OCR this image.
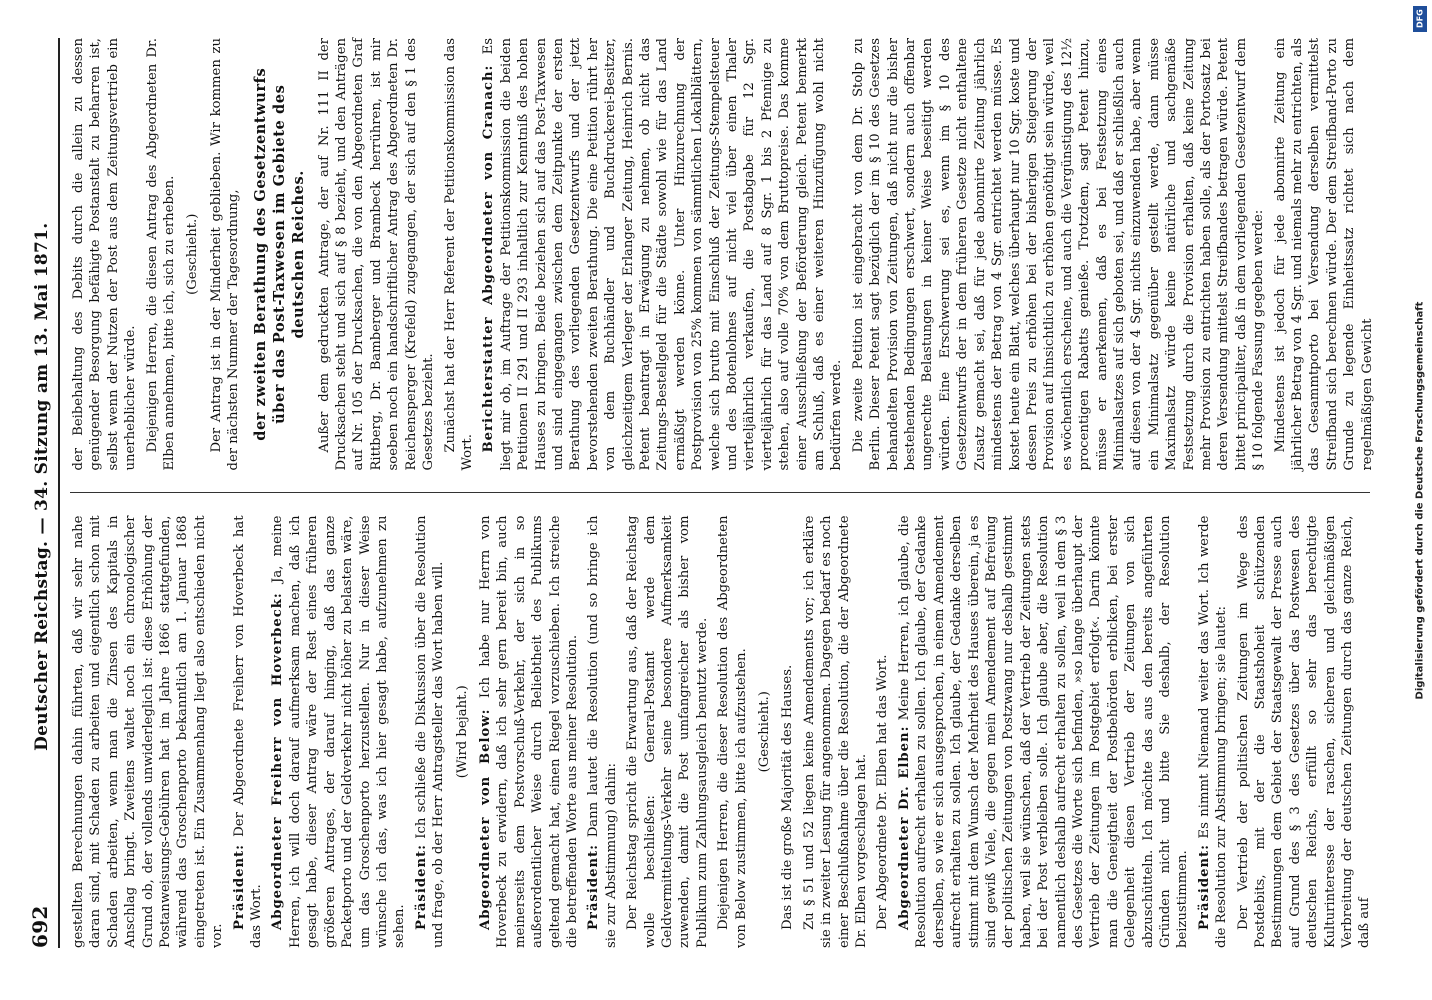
692
Deutscher Reichstag. — 34. Sitzung am 13. Mai 1871. gestellten Berechnungen dahin führten, daß wir sehr nahe daran sind, mit Schaden zu arbeiten und eigentlich schon mit Schaden arbeiten, wenn man die Zinsen des Kapitals in Anschlag bringt. Zweitens waltet noch ein chronologischer Grund ob, der vollends unwiderleglich ist: diese Erhöhung der Postanweisungs-Gebühren hat im Jahre 1866 stattgefunden, während das Groschenporto bekanntlich am 1. Januar 1868 eingetreten ist. Ein Zusammenhang liegt also entschieden nicht vor.

Präsident: Der Abgeordnete Freiherr von Hoverbeck hat das Wort. Abgeordneter Freiherr von Hoverbeck: Ja, meine Herren, ich will doch darauf aufmerksam machen, daß ich gesagt habe, dieser Antrag wäre der Rest eines früheren größeren Antrages, der darauf hinging, daß das ganze Packetporto und der Geldverkehr nicht höher zu belasten wäre, um das Groschenporto herzustellen. Nur in dieser Weise wünsche ich das, was ich hier gesagt habe, aufzunehmen zu sehen. Präsident: Ich schließe die Diskussion über die Resolution und frage, ob der Herr Antragsteller das Wort haben will. (Wird bejaht.) Abgeordneter von Below: Ich habe nur Herrn von Hoverbeck zu erwidern, daß ich sehr gern bereit bin, auch meinerseits dem Postvorschuß-Verkehr, der sich in so außerordentlicher Weise durch Beliebtheit des Publikums geltend gemacht hat, einen Riegel vorzuschieben. Ich streiche die betreffenden Worte aus meiner Resolution. Präsident: Dann lautet die Resolution (und so bringe ich sie zur Abstimmung) dahin: Der Reichstag spricht die Erwartung aus, daß der Reichstag wolle beschließen: General-Postamt werde dem Geldvermittelungs-Verkehr seine besondere Aufmerksamkeit zuwenden, damit die Post umfangreicher als bisher vom Publikum zum Zahlungsausgleich benutzt werde. Diejenigen Herren, die dieser Resolution des Abgeordneten von Below zustimmen, bitte ich aufzustehen. (Geschieht.) Das ist die große Majorität des Hauses. Zu § 51 und 52 liegen keine Amendements vor; ich erkläre sie in zweiter Lesung für angenommen. Dagegen bedarf es noch einer Beschlußnahme über die Resolution, die der Abgeordnete Dr. Elben vorgeschlagen hat. Der Abgeordnete Dr. Elben hat das Wort. Abgeordneter Dr. Elben: Meine Herren, ich glaube, die Resolution aufrecht erhalten zu sollen. Ich glaube, der Gedanke derselben, so wie er sich ausgesprochen, in einem Amendement aufrecht erhalten zu sollen. Ich glaube, der Gedanke derselben stimmt mit dem Wunsch der Mehrheit des Hauses überein, ja es sind gewiß Viele, die gegen mein Amendement auf Befreiung der politischen Zeitungen von Postzwang nur deshalb gestimmt haben, weil sie wünschen, daß der Vertrieb der Zeitungen stets bei der Post verbleiben solle. Ich glaube aber, die Resolution namentlich deshalb aufrecht erhalten zu sollen, weil in dem § 3 des Gesetzes die Worte sich befinden, »so lange überhaupt der Vertrieb der Zeitungen im Postgebiet erfolgt«. Darin könnte man die Geneigtheit der Postbehörden erblicken, bei erster Gelegenheit diesen Vertrieb der Zeitungen von sich abzuschütteln. Ich möchte das aus den bereits angeführten Gründen nicht und bitte Sie deshalb, der Resolution beizustimmen. Präsident: Es nimmt Niemand weiter das Wort. Ich werde die Resolution zur Abstimmung bringen; sie lautet: Der Vertrieb der politischen Zeitungen im Wege des Postdebits, mit der die Staatshoheit schützenden Bestimmungen dem Gebiet der Staatsgewalt der Presse auch auf Grund des § 3 des Gesetzes über das Postwesen des deutschen Reichs, erfüllt so sehr das berechtigte Kulturinteresse der raschen, sicheren und gleichmäßigen Verbreitung der deutschen Zeitungen durch das ganze Reich, daß auf

der Beibehaltung des Debits durch die allein zu dessen genügender Besorgung befähigte Postanstalt zu beharren ist, selbst wenn der Nutzen der Post aus dem Zeitungsvertrieb ein unerheblicher würde. Diejenigen Herren, die diesen Antrag des Abgeordneten Dr. Elben annehmen, bitte ich, sich zu erheben. (Geschieht.) Der Antrag ist in der Minderheit geblieben. Wir kommen zu der nächsten Nummer der Tagesordnung, der zweiten Berathung des Gesetzentwurfs über das Post-Taxwesen im Gebiete des deutschen Reiches. Außer dem gedruckten Antrage, der auf Nr. 111 II der Drucksachen steht und sich auf § 8 bezieht, und den Anträgen auf Nr. 105 der Drucksachen, die von den Abgeordneten Graf Rittberg, Dr. Bamberger und Brambeck herrühren, ist mir soeben noch ein handschriftlicher Antrag des Abgeordneten Dr. Reichensperger (Krefeld) zugegangen, der sich auf den § 1 des Gesetzes bezieht. Zunächst hat der Herr Referent der Petitionskommission das Wort. Berichterstatter Abgeordneter von Cranach: Es liegt mir ob, im Auftrage der Petitionskommission die beiden Petitionen II 291 und II 293 inhaltlich zur Kenntniß des hohen Hauses zu bringen. Beide beziehen sich auf das Post-Taxwesen und sind eingegangen zwischen dem Zeitpunkte der ersten Berathung des vorliegenden Gesetzentwurfs und der jetzt bevorstehenden zweiten Berathung. Die eine Petition rührt her von dem Buchhändler und Buchdruckerei-Besitzer, gleichzeitigem Verleger der Erlanger Zeitung, Heinrich Bernis. Petent beantragt in Erwägung zu nehmen, ob nicht das Zeitungs-Bestellgeld für die Städte sowohl wie für das Land ermäßigt werden könne. Unter Hinzurechnung der Postprovision von 25% kommen von sämmtlichen Lokalblättern, welche sich brutto mit Einschluß der Zeitungs-Stempelsteuer und des Botenlohnes auf nicht viel über einen Thaler vierteljährlich verkaufen, die Postabgabe für 12 Sgr. vierteljährlich für das Land auf 8 Sgr. 1 bis 2 Pfennige zu stehen, also auf volle 70% von dem Bruttopreise. Das komme einer Ausschließung der Beförderung gleich. Petent bemerkt am Schluß, daß es einer weiteren Hinzufügung wohl nicht bedürfen werde. Die zweite Petition ist eingebracht von dem Dr. Stolp zu Berlin. Dieser Petent sagt bezüglich der im § 10 des Gesetzes behandelten Provision von Zeitungen, daß nicht nur die bisher bestehenden Bedingungen erschwert, sondern auch offenbar ungerechte Belastungen in keiner Weise beseitigt werden würden. Eine Erschwerung sei es, wenn im § 10 des Gesetzentwurfs der in dem früheren Gesetze nicht enthaltene Zusatz gemacht sei, daß für jede abonnirte Zeitung jährlich mindestens der Betrag von 4 Sgr. entrichtet werden müsse. Es kostet heute ein Blatt, welches überhaupt nur 10 Sgr. koste und dessen Preis zu erhöhen bei der bisherigen Steigerung der Provision auf hinsichtlich zu erhöhen genöthigt sein würde, weil es wöchentlich erscheine, und auch die Vergünstigung des 12½ procentigen Rabatts genieße. Trotzdem, sagt Petent hinzu, müsse er anerkennen, daß es bei Festsetzung eines Minimalsatzes auf sich geboten sei, und daß er schließlich auch auf diesen von der 4 Sgr. nichts einzuwenden habe, aber wenn ein Minimalsatz gegenüber gestellt werde, dann müsse Maximalsatz würde keine natürliche und sachgemäße Festsetzung durch die Provision erhalten, daß keine Zeitung mehr Provision zu entrichten haben solle, als der Portosatz bei deren Versendung mittelst Streifbandes betragen würde. Petent bittet principaliter, daß in dem vorliegenden Gesetzentwurf dem § 10 folgende Fassung gegeben werde: Mindestens ist jedoch für jede abonnirte Zeitung ein jährlicher Betrag von 4 Sgr. und niemals mehr zu entrichten, als das Gesammtporto bei Versendung derselben vermittelst Streifband sich berechnen würde. Der dem Streifband-Porto zu Grunde zu legende Einheitssatz richtet sich nach dem regelmäßigen Gewicht	Digitalisierung gefördert durch die Deutsche Forschungsgemeinschaft
DFG
